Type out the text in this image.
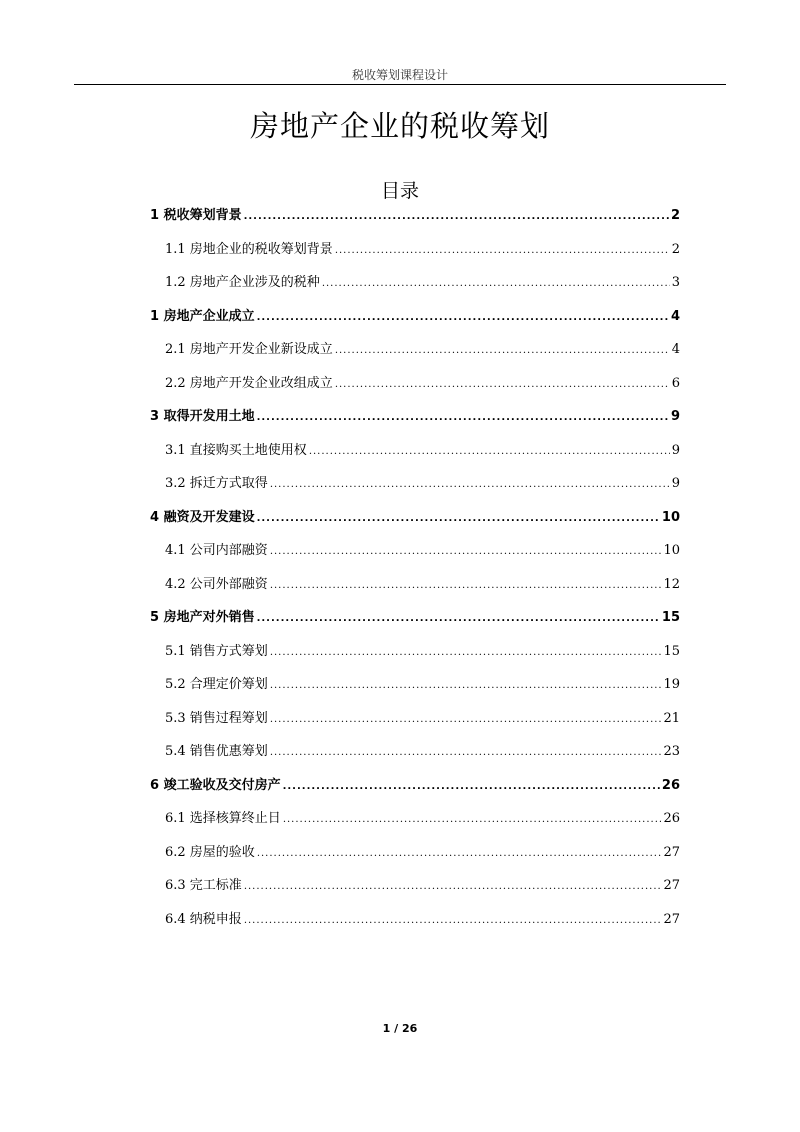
税收筹划课程设计
房地产企业的税收筹划
目录
1 税收筹划背景 .....	2
1.1 房地企业的税收筹划背景 .....	2
1.2 房地产企业涉及的税种 .....	3
1 房地产企业成立 .....	4
2.1 房地产开发企业新设成立 .....	4
2.2 房地产开发企业改组成立 .....	6
3 取得开发用土地 .....	9
3.1 直接购买土地使用权 .....	9
3.2 拆迁方式取得 .....	9
4 融资及开发建设 .....	10
4.1 公司内部融资 .....	10
4.2 公司外部融资 .....	12
5 房地产对外销售 .....	15
5.1 销售方式筹划 .....	15
5.2 合理定价筹划 .....	19
5.3 销售过程筹划 .....	21
5.4 销售优惠筹划 .....	23
6 竣工验收及交付房产 .....	26
6.1 选择核算终止日 .....	26
6.2 房屋的验收 .....	27
6.3 完工标准 .....	27
6.4 纳税申报 .....	27
1 / 26
